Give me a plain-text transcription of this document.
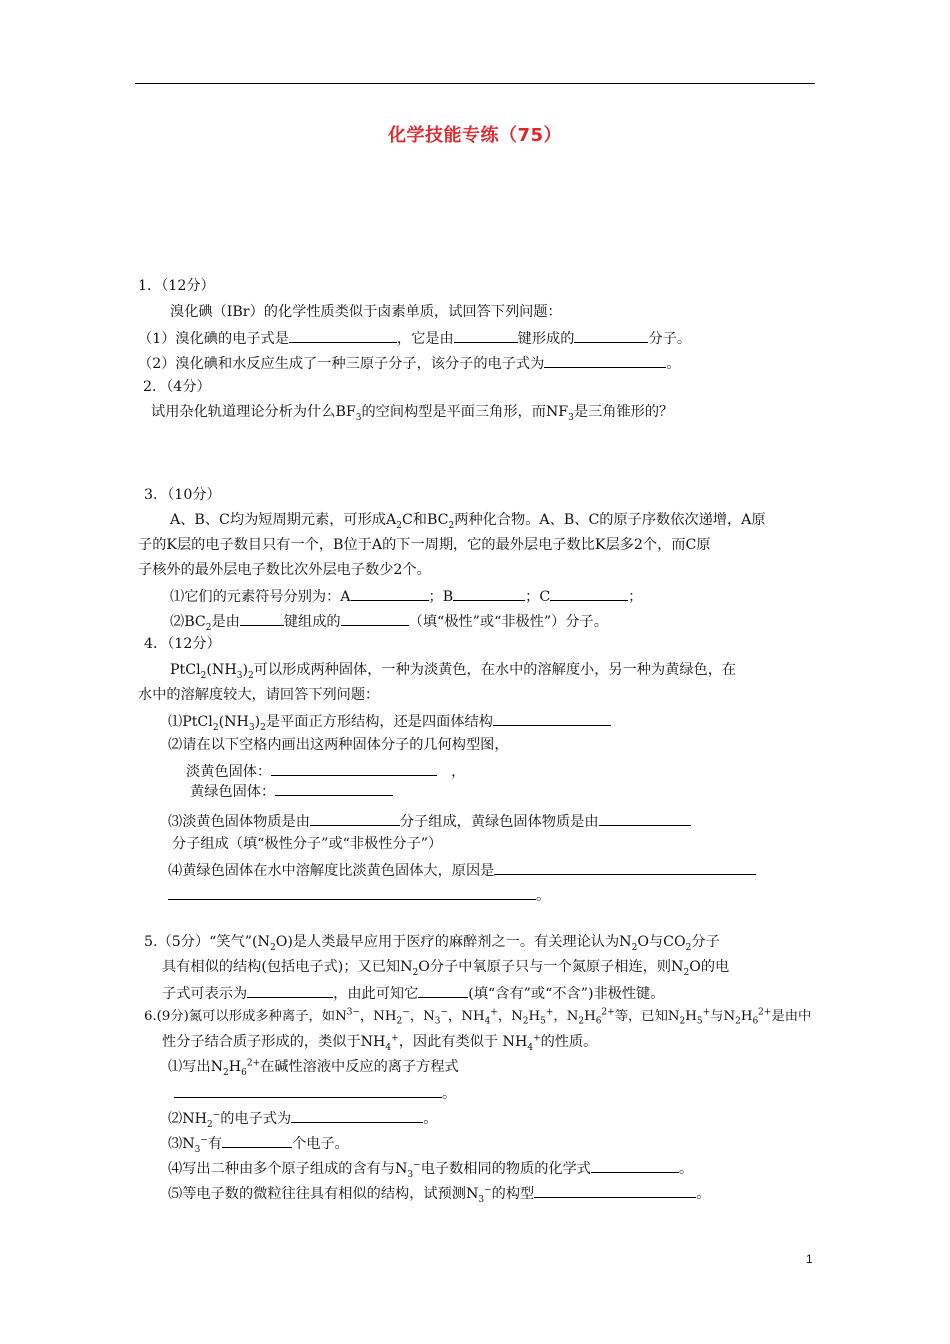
化学技能专练（75）
1．（12分）
溴化碘（IBr）的化学性质类似于卤素单质，试回答下列问题：
（1）溴化碘的电子式是	，它是由	键形成的	分子。
（2）溴化碘和水反应生成了一种三原子分子，该分子的电子式为	。
2．（4分）
试用杂化轨道理论分析为什么$BF_3$的空间构型是平面三角形，而$NF_3$是三角锥形的？
3．（10分）
A、B、C均为短周期元素，可形成$A_2C$和$BC_2$两种化合物。A、B、C的原子序数依次递增，A原
子的K层的电子数目只有一个，B位于A的下一周期，它的最外层电子数比K层多2个，而C原
子核外的最外层电子数比次外层电子数少2个。
⑴它们的元素符号分别为：A	；B	；C	；
$⑵BC_2$是由	键组成的	（填“极性”或“非极性”）分子。
4．（12分）
$PtCl_2(NH_3)_2$可以形成两种固体，一种为淡黄色，在水中的溶解度小，另一种为黄绿色，在
水中的溶解度较大，请回答下列问题：
$⑴PtCl_2(NH_3)_2$是平面正方形结构，还是四面体结构
⑵请在以下空格内画出这两种固体分子的几何构型图，
淡黄色固体：	，
黄绿色固体：
⑶淡黄色固体物质是由	分子组成，黄绿色固体物质是由
分子组成（填“极性分子”或“非极性分子”）
⑷黄绿色固体在水中溶解度比淡黄色固体大，原因是
。
5.（5分）“笑气$”(N_2O)$是人类最早应用于医疗的麻醉剂之一。有关理论认为$N_2O$与$CO_2$分子
具有相似的结构(包括电子式)；又已知$N_2O$分子中氧原子只与一个氮原子相连，则$N_2O$的电
子式可表示为	，由此可知它	(填“含有”或“不含”)非极性键。
6.(9分)氮可以形成多种离子，如$N^{3-}$，$NH_2^-$，$N_3^-$，$NH_4^+$，$N_2H_5^+$，$N_2H_6^{2+}$等，已知$N_2H_5^+$与$N_2H_6^{2+}$是由中
性分子结合质子形成的，类似于$NH_4^+$，因此有类似于 $NH_4^+$的性质。
⑴写出$N_2H_6^{2+}$在碱性溶液中反应的离子方程式
。
$⑵NH_2^-$的电子式为	。
$⑶N_3^-$有	个电子。
⑷写出二种由多个原子组成的含有与$N_3^-$电子数相同的物质的化学式	。
⑸等电子数的微粒往往具有相似的结构，试预测$N_3^-$的构型	。
1
